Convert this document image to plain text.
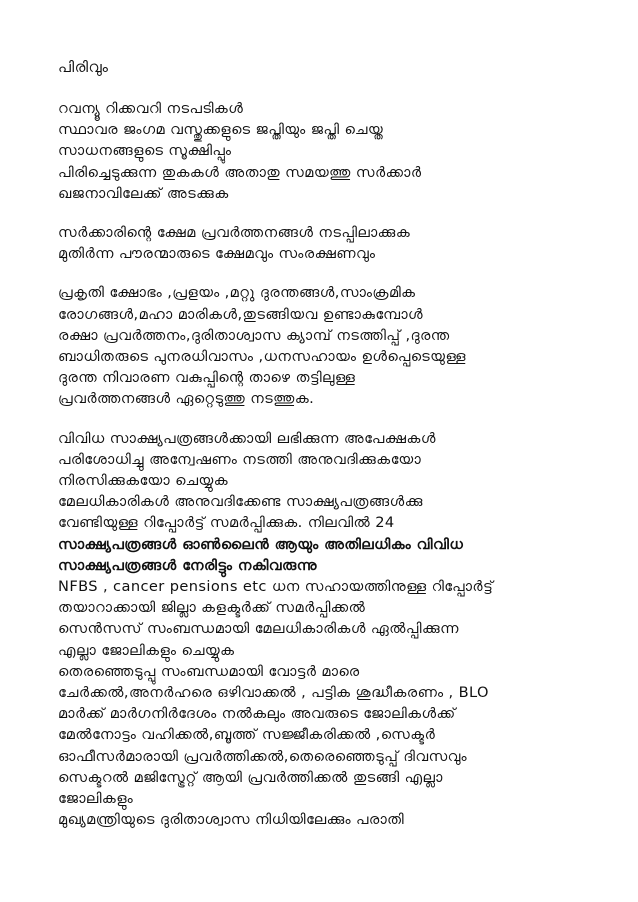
പിരിവും
റവന്യൂ റിക്കവറി നടപടികൾ
സ്ഥാവര ജംഗമ വസ്തുക്കളുടെ ജപ്തിയും ജപ്തി ചെയ്ത
സാധനങ്ങളുടെ സൂക്ഷിപ്പും
പിരിച്ചെടുക്കുന്ന തുകകൾ അതാതു സമയത്തു സർക്കാർ
ഖജനാവിലേക്ക് അടക്കുക
സർക്കാരിന്റെ ക്ഷേമ പ്രവർത്തനങ്ങൾ നടപ്പിലാക്കുക
മുതിർന്ന പൗരന്മാരുടെ ക്ഷേമവും സംരക്ഷണവും
പ്രകൃതി ക്ഷോഭം ,പ്രളയം ,മറ്റു ദുരന്തങ്ങൾ,സാംക്രമിക
രോഗങ്ങൾ,മഹാ മാരികൾ,തുടങ്ങിയവ ഉണ്ടാകുമ്പോൾ
രക്ഷാ പ്രവർത്തനം,ദുരിതാശ്വാസ ക്യാമ്പ് നടത്തിപ്പ് ,ദുരന്ത
ബാധിതരുടെ പുനരധിവാസം ,ധനസഹായം ഉൾപ്പെടെയുള്ള
ദുരന്ത നിവാരണ വകുപ്പിന്റെ താഴെ തട്ടിലുള്ള
പ്രവർത്തനങ്ങൾ ഏറ്റെടുത്തു നടത്തുക.
വിവിധ സാക്ഷ്യപത്രങ്ങൾക്കായി ലഭിക്കുന്ന അപേക്ഷകൾ
പരിശോധിച്ചു അന്വേഷണം നടത്തി അനുവദിക്കുകയോ
നിരസിക്കുകയോ ചെയ്യുക
മേലധികാരികൾ അനുവദിക്കേണ്ട സാക്ഷ്യപത്രങ്ങൾക്കു
വേണ്ടിയുള്ള റിപ്പോർട്ട് സമർപ്പിക്കുക. നിലവിൽ 24
സാക്ഷ്യപത്രങ്ങൾ ഓൺലൈൻ ആയും അതിലധികം വിവിധ
സാക്ഷ്യപത്രങ്ങൾ നേരിട്ടും നകിവരുന്നു
NFBS , cancer pensions etc ധന സഹായത്തിനുള്ള റിപ്പോർട്ട്
തയാറാക്കായി ജില്ലാ കളക്ടർക്ക് സമർപ്പിക്കൽ
സെൻസസ് സംബന്ധമായി മേലധികാരികൾ ഏൽപ്പിക്കുന്ന
എല്ലാ ജോലികളും ചെയ്യുക
തെരഞ്ഞെടുപ്പു സംബന്ധമായി വോട്ടർ മാരെ
ചേർക്കൽ,അനർഹരെ ഒഴിവാക്കൽ , പട്ടിക ശുദ്ധീകരണം , BLO
മാർക്ക് മാർഗനിർദേശം നൽകലും അവരുടെ ജോലികൾക്ക്
മേൽനോട്ടം വഹിക്കൽ,ബൂത്ത് സജ്ജീകരിക്കൽ ,സെക്ടർ
ഓഫീസർമാരായി പ്രവർത്തിക്കൽ,തെരെഞ്ഞെടുപ്പ് ദിവസവും
സെക്ടറൽ മജിസ്ട്രേറ്റ് ആയി പ്രവർത്തിക്കൽ തുടങ്ങി എല്ലാ
ജോലികളും
മുഖ്യമന്ത്രിയുടെ ദുരിതാശ്വാസ നിധിയിലേക്കും പരാതി
